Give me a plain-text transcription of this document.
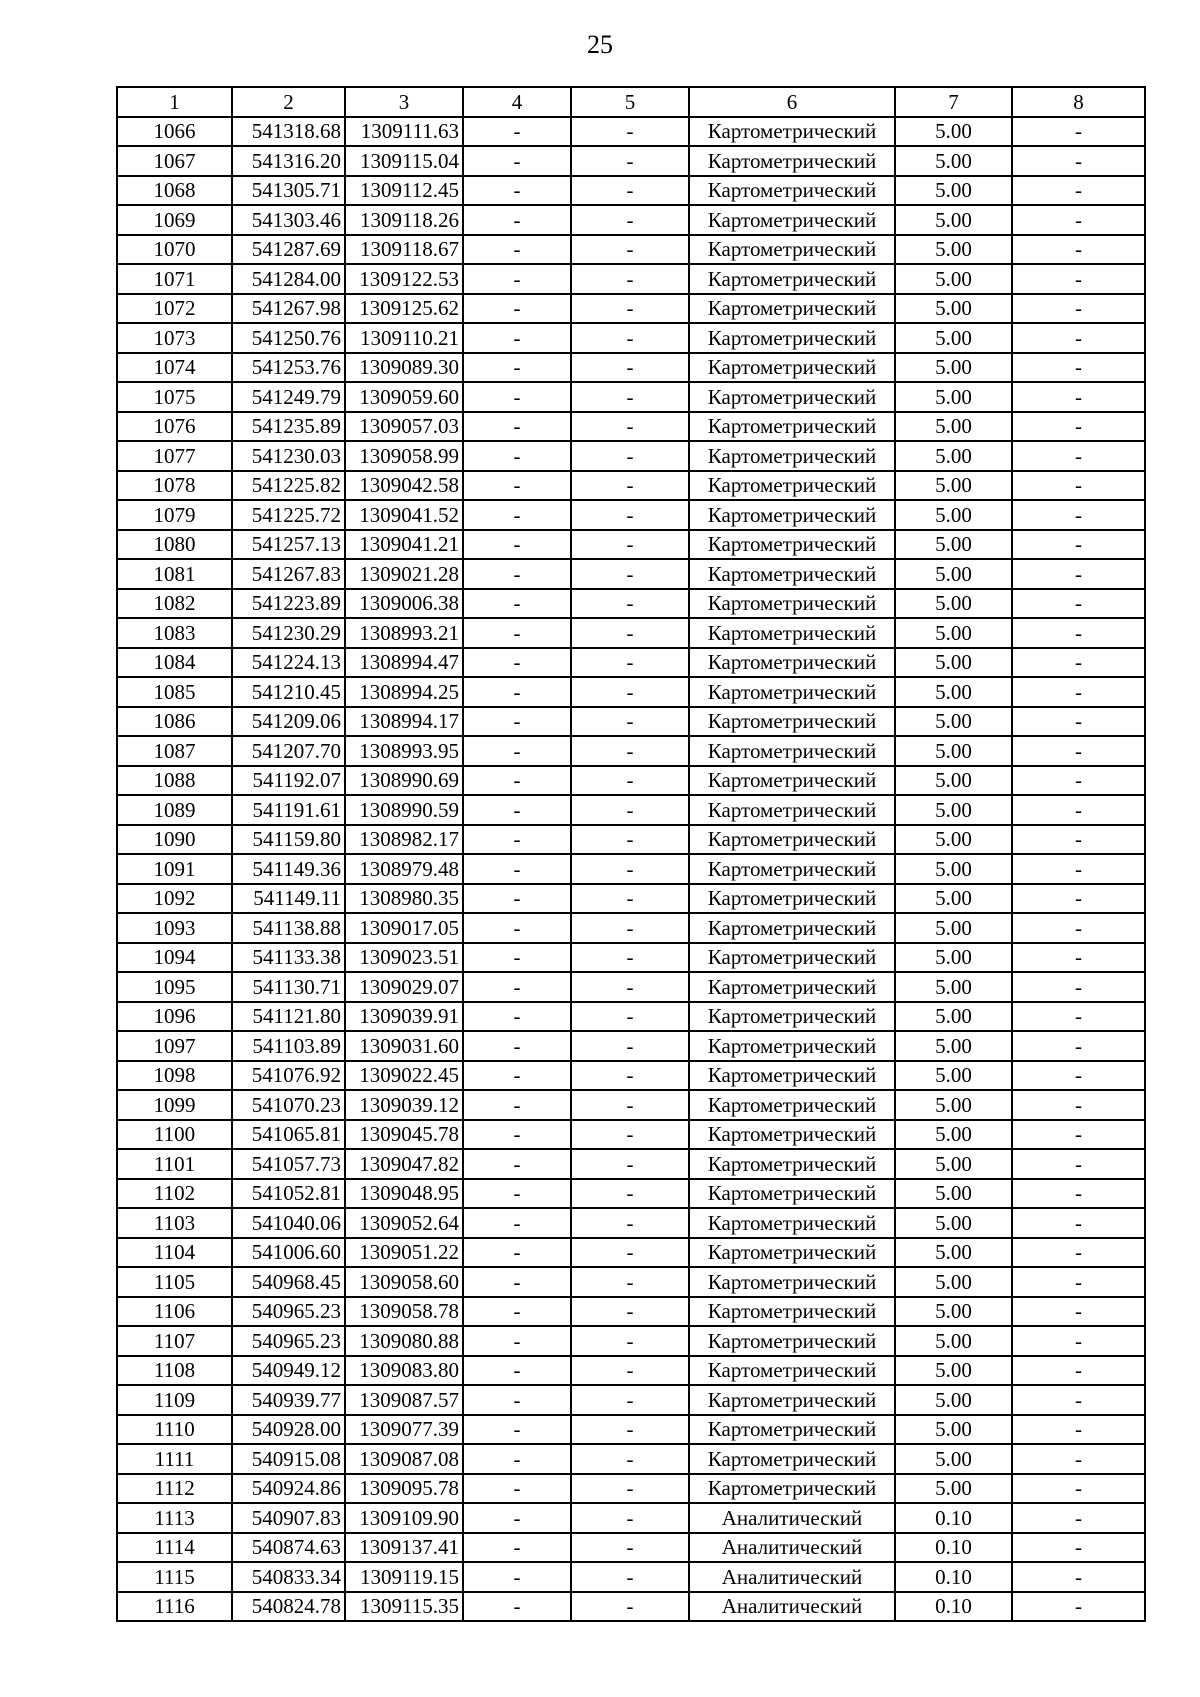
25
1	2	3	4	5	6	7	8
1066	541318.68	1309111.63	-	-	Картометрический	5.00	-
1067	541316.20	1309115.04	-	-	Картометрический	5.00	-
1068	541305.71	1309112.45	-	-	Картометрический	5.00	-
1069	541303.46	1309118.26	-	-	Картометрический	5.00	-
1070	541287.69	1309118.67	-	-	Картометрический	5.00	-
1071	541284.00	1309122.53	-	-	Картометрический	5.00	-
1072	541267.98	1309125.62	-	-	Картометрический	5.00	-
1073	541250.76	1309110.21	-	-	Картометрический	5.00	-
1074	541253.76	1309089.30	-	-	Картометрический	5.00	-
1075	541249.79	1309059.60	-	-	Картометрический	5.00	-
1076	541235.89	1309057.03	-	-	Картометрический	5.00	-
1077	541230.03	1309058.99	-	-	Картометрический	5.00	-
1078	541225.82	1309042.58	-	-	Картометрический	5.00	-
1079	541225.72	1309041.52	-	-	Картометрический	5.00	-
1080	541257.13	1309041.21	-	-	Картометрический	5.00	-
1081	541267.83	1309021.28	-	-	Картометрический	5.00	-
1082	541223.89	1309006.38	-	-	Картометрический	5.00	-
1083	541230.29	1308993.21	-	-	Картометрический	5.00	-
1084	541224.13	1308994.47	-	-	Картометрический	5.00	-
1085	541210.45	1308994.25	-	-	Картометрический	5.00	-
1086	541209.06	1308994.17	-	-	Картометрический	5.00	-
1087	541207.70	1308993.95	-	-	Картометрический	5.00	-
1088	541192.07	1308990.69	-	-	Картометрический	5.00	-
1089	541191.61	1308990.59	-	-	Картометрический	5.00	-
1090	541159.80	1308982.17	-	-	Картометрический	5.00	-
1091	541149.36	1308979.48	-	-	Картометрический	5.00	-
1092	541149.11	1308980.35	-	-	Картометрический	5.00	-
1093	541138.88	1309017.05	-	-	Картометрический	5.00	-
1094	541133.38	1309023.51	-	-	Картометрический	5.00	-
1095	541130.71	1309029.07	-	-	Картометрический	5.00	-
1096	541121.80	1309039.91	-	-	Картометрический	5.00	-
1097	541103.89	1309031.60	-	-	Картометрический	5.00	-
1098	541076.92	1309022.45	-	-	Картометрический	5.00	-
1099	541070.23	1309039.12	-	-	Картометрический	5.00	-
1100	541065.81	1309045.78	-	-	Картометрический	5.00	-
1101	541057.73	1309047.82	-	-	Картометрический	5.00	-
1102	541052.81	1309048.95	-	-	Картометрический	5.00	-
1103	541040.06	1309052.64	-	-	Картометрический	5.00	-
1104	541006.60	1309051.22	-	-	Картометрический	5.00	-
1105	540968.45	1309058.60	-	-	Картометрический	5.00	-
1106	540965.23	1309058.78	-	-	Картометрический	5.00	-
1107	540965.23	1309080.88	-	-	Картометрический	5.00	-
1108	540949.12	1309083.80	-	-	Картометрический	5.00	-
1109	540939.77	1309087.57	-	-	Картометрический	5.00	-
1110	540928.00	1309077.39	-	-	Картометрический	5.00	-
1111	540915.08	1309087.08	-	-	Картометрический	5.00	-
1112	540924.86	1309095.78	-	-	Картометрический	5.00	-
1113	540907.83	1309109.90	-	-	Аналитический	0.10	-
1114	540874.63	1309137.41	-	-	Аналитический	0.10	-
1115	540833.34	1309119.15	-	-	Аналитический	0.10	-
1116	540824.78	1309115.35	-	-	Аналитический	0.10	-
